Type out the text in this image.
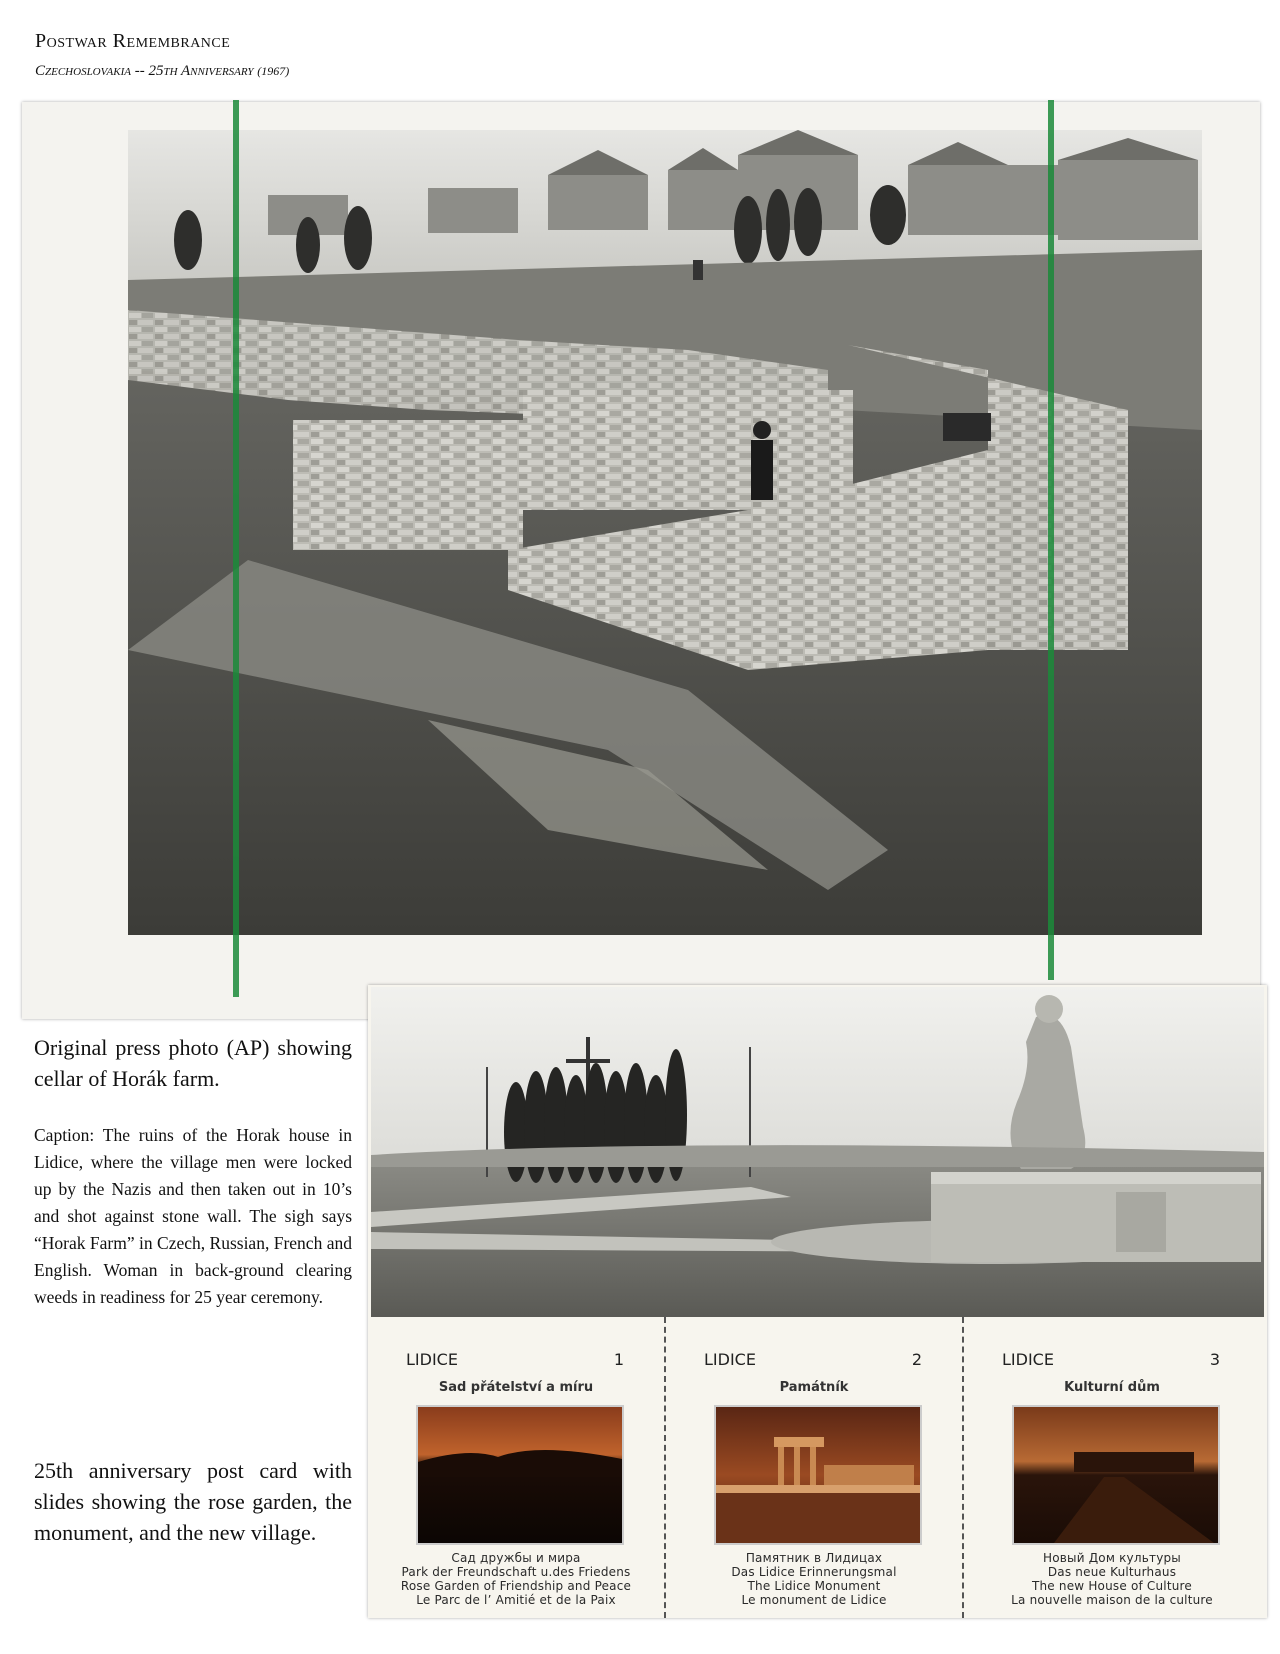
Postwar Remembrance
Czechoslovakia -- 25th Anniversary (1967)
Original press photo (AP) showing cellar of Horák farm.
Caption: The ruins of the Horak house in Lidice, where the village men were locked up by the Nazis and then taken out in 10’s and shot against stone wall. The sigh says “Horak Farm” in Czech, Russian, French and English. Woman in back-ground clearing weeds in readiness for 25 year ceremony.
25th anniversary post card with slides showing the rose garden, the monument, and the new village.
LIDICE	1
Sad přátelství a míru
Сад дружбы и мира
Park der Freundschaft u.des Friedens
Rose Garden of Friendship and Peace
Le Parc de l’ Amitié et de la Paix
LIDICE	2
Památník
Памятник в Лидицах
Das Lidice Erinnerungsmal
The Lidice Monument
Le monument de Lidice
LIDICE	3
Kulturní dům
Новый Дом культуры
Das neue Kulturhaus
The new House of Culture
La nouvelle maison de la culture
